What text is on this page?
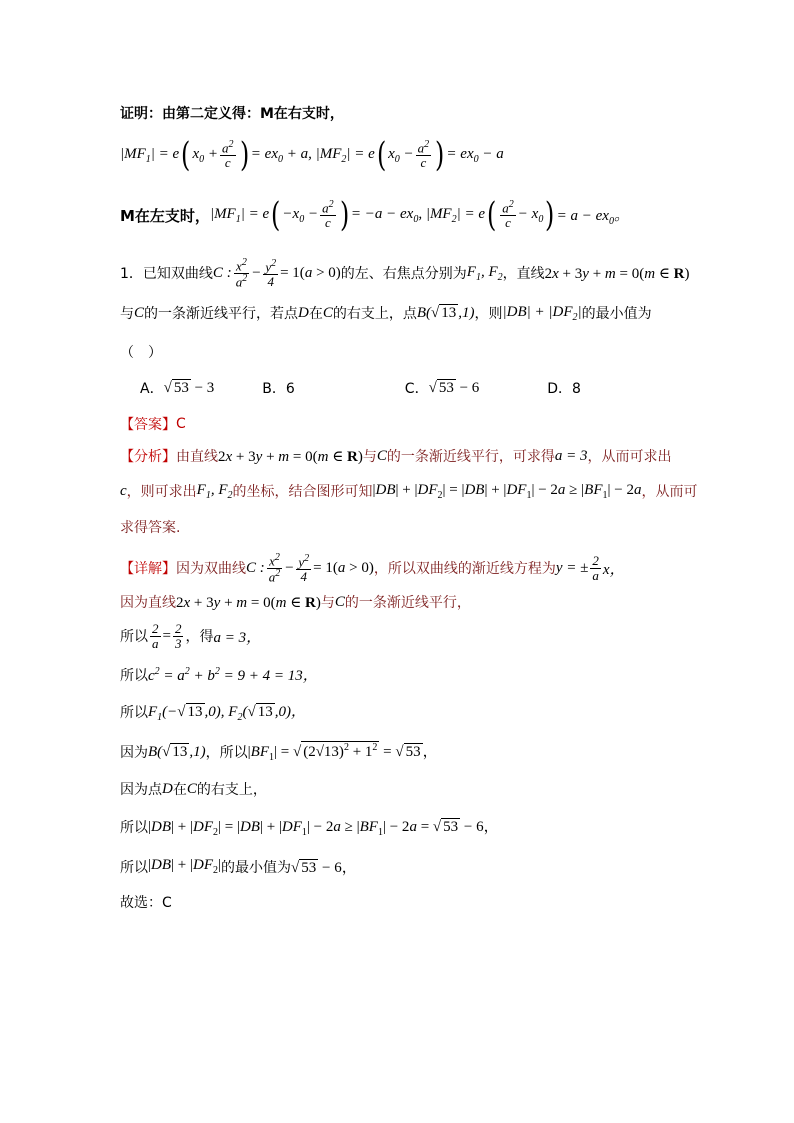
证明：由第二定义得：M在右支时，
$|MF_1| = e$ ( $x_0 + \frac{a^2}{c}$ ) = $ex_0 + a$, $|MF_2| = e$ ( $x_0 - \frac{a^2}{c}$ ) = $ex_0 - a$
M在左支时， $|MF_1| = e$ ( $-x_0 - \frac{a^2}{c}$ ) = $-a - ex_0$, $|MF_2| = e$ ( $\frac{a^2}{c} - x_0$ ) = $a - ex_0$。
1．已知双曲线 C : $\frac{x^2}{a^2} - \frac{y^2}{4} = 1(a > 0)$ 的左、右焦点分别为 $F_1$, $F_2$ ，直线 2x + 3y + m = 0(m ∈ R)
与 C 的一条渐近线平行，若点 D 在 C 的右支上，点 B(√ 13 ,1) ，则 $|DB| + |DF_2|$ 的最小值为
（　）
A． √ 53 − 3	B．6	C． √ 53 − 6	D．8
【答案】 C
【分析】 由直线 2x + 3y + m = 0(m ∈ R) 与 C 的一条渐近线平行，可求得 a = 3 ，从而可求出
c ，则可求出 $F_1$, $F_2$ 的坐标，结合图形可知 $|DB| + |DF_2| = |DB| + |DF_1| - 2a \ge |BF_1| - 2a$ ，从而可
求得答案.
【详解】 因为双曲线 C : $\frac{x^2}{a^2} - \frac{y^2}{4} = 1(a > 0)$ ，所以双曲线的渐近线方程为 y = ± $\frac{2}{a}$ x，
因为直线 2x + 3y + m = 0(m ∈ R) 与 C 的一条渐近线平行，
所以 $\frac{2}{a} = \frac{2}{3}$ ，得 a = 3，
所以 $c^2 = a^2 + b^2 = 9 + 4 = 13$，
所以 $F_1(-√$ 13 ,0), $F_2(√$ 13 ,0)，
因为 B(√ 13 ,1) ，所以 $|BF_1|$ = √ $(2√13)^2 + 1^2$ = √ 53 ，
因为点 D 在 C 的右支上，
所以 $|DB| + |DF_2| = |DB| + |DF_1| - 2a \ge |BF_1| - 2a$ = √ 53 − 6，
所以 $|DB| + |DF_2|$ 的最小值为 √ 53 − 6，
故选：C
